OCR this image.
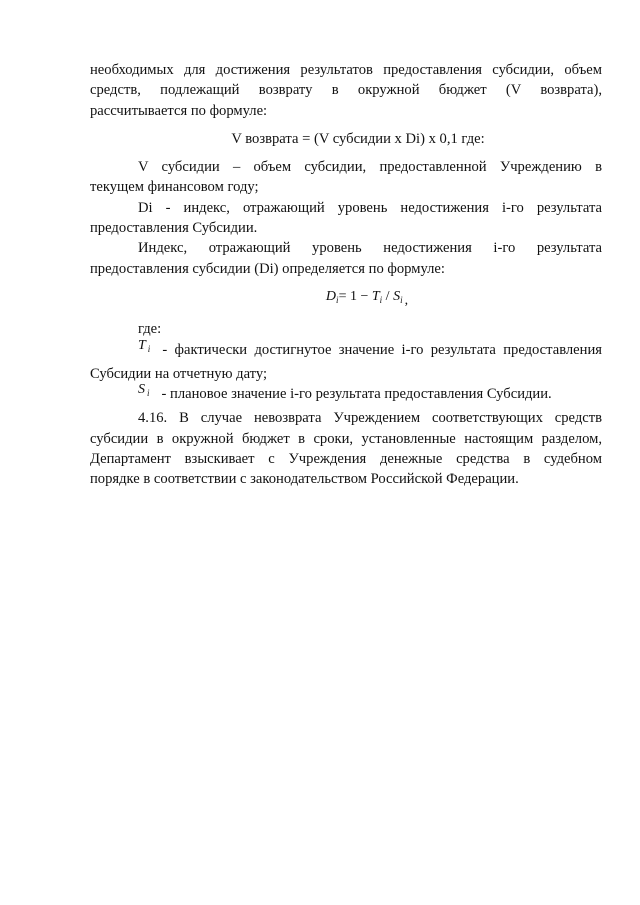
необходимых для достижения результатов предоставления субсидии, объем

средств, подлежащий возврату в окружной бюджет (V возврата),

рассчитывается по формуле:

V возврата = (V субсидии x Di) x 0,1 где:

V субсидии – объем субсидии, предоставленной Учреждению в

текущем финансовом году;

Di - индекс, отражающий уровень недостижения i-го результата

предоставления Субсидии.

Индекс, отражающий уровень недостижения i-го результата

предоставления субсидии (Di) определяется по формуле:

$D_i= 1 - T_i / S_i$ ,

где:

T $_i$ - фактически достигнутое значение i-го результата предоставления

Субсидии на отчетную дату;

S $_i$ - плановое значение i-го результата предоставления Субсидии.

4.16. В случае невозврата Учреждением соответствующих средств

субсидии в окружной бюджет в сроки, установленные настоящим разделом,

Департамент взыскивает с Учреждения денежные средства в судебном

порядке в соответствии с законодательством Российской Федерации.
